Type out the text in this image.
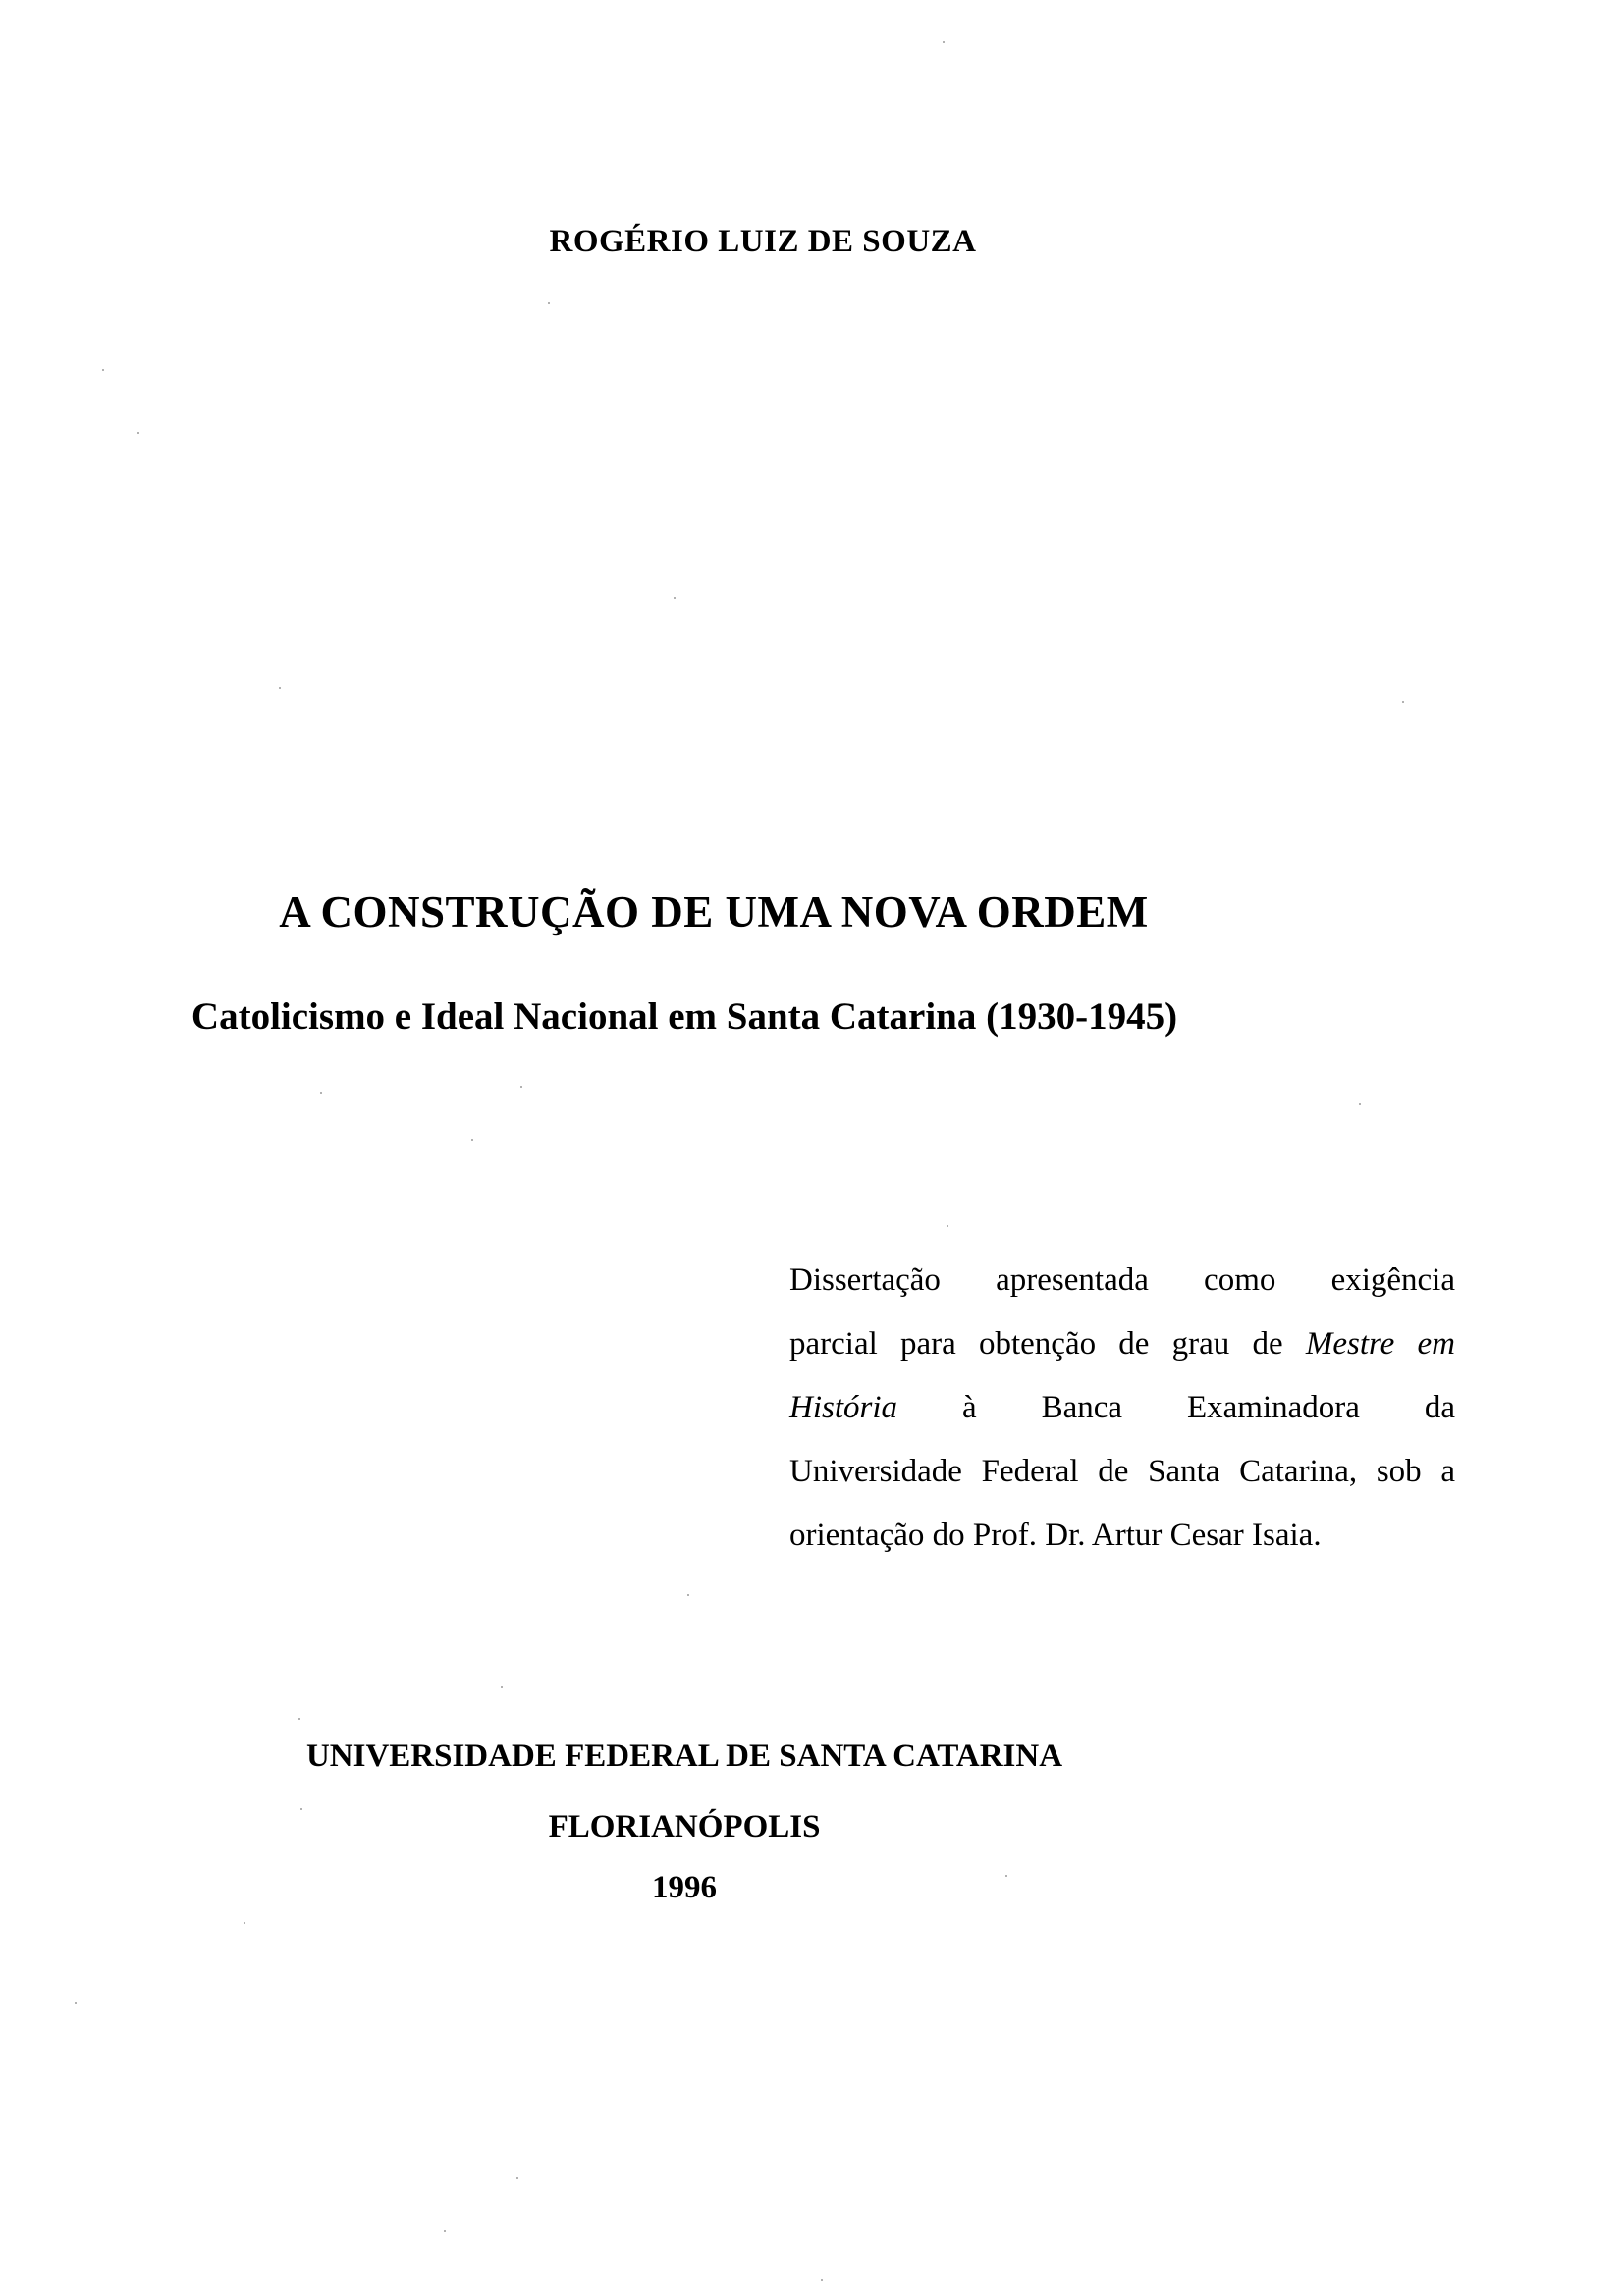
ROGÉRIO LUIZ DE SOUZA
A CONSTRUÇÃO DE UMA NOVA ORDEM
Catolicismo e Ideal Nacional em Santa Catarina (1930-1945)
Dissertação apresentada como exigência
parcial para obtenção de grau de Mestre em
História à Banca Examinadora da
Universidade Federal de Santa Catarina, sob a
orientação do Prof. Dr. Artur Cesar Isaia.
UNIVERSIDADE FEDERAL DE SANTA CATARINA
FLORIANÓPOLIS
1996
